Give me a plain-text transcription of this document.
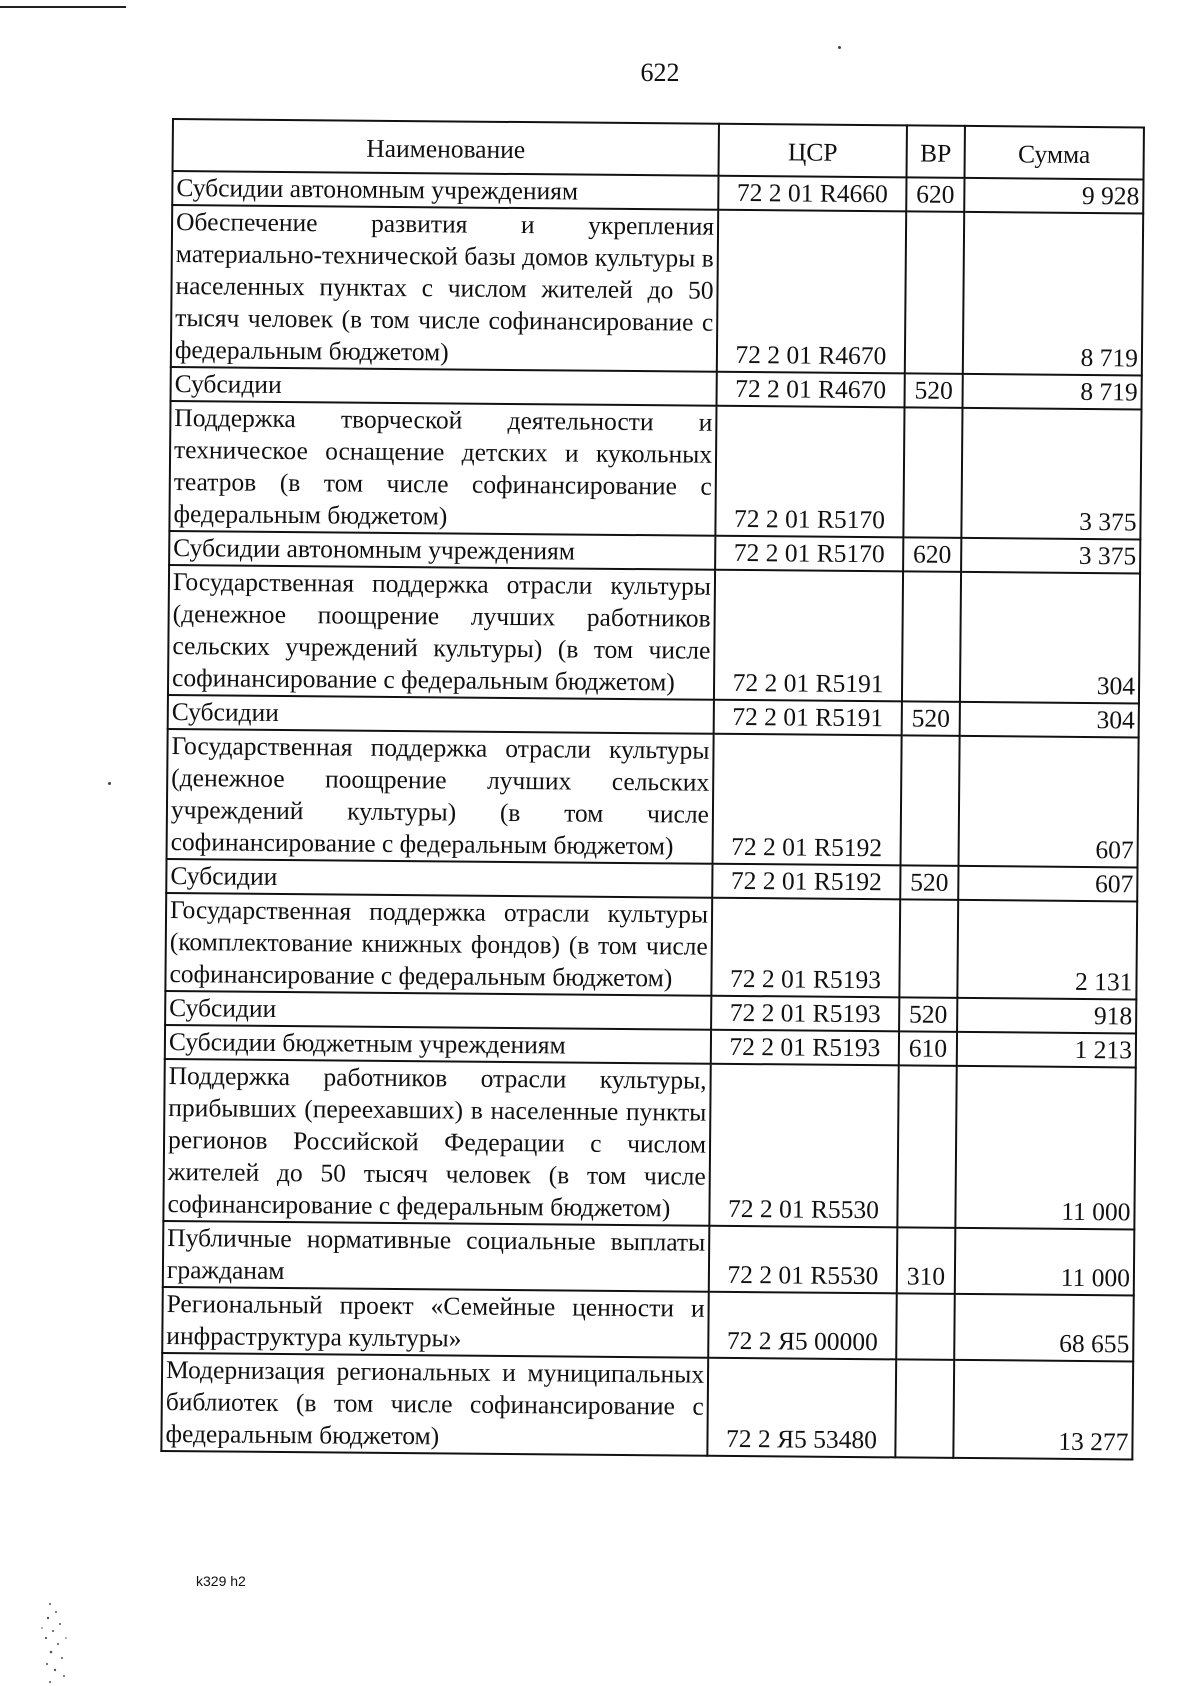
622
Наименование	ЦСР	ВР	Сумма
Субсидии автономным учреждениям	72 2 01 R4660	620	9 928
Обеспечение развития и укрепления материально-технической базы домов культуры в населенных пунктах с числом жителей до 50 тысяч человек (в том числе софинансирование с федеральным бюджетом)	72 2 01 R4670		8 719
Субсидии	72 2 01 R4670	520	8 719
Поддержка творческой деятельности и техническое оснащение детских и кукольных театров (в том числе софинансирование с федеральным бюджетом)	72 2 01 R5170		3 375
Субсидии автономным учреждениям	72 2 01 R5170	620	3 375
Государственная поддержка отрасли культуры (денежное поощрение лучших работников сельских учреждений культуры) (в том числе софинансирование с федеральным бюджетом)	72 2 01 R5191		304
Субсидии	72 2 01 R5191	520	304
Государственная поддержка отрасли культуры (денежное поощрение лучших сельских учреждений культуры) (в том числе софинансирование с федеральным бюджетом)	72 2 01 R5192		607
Субсидии	72 2 01 R5192	520	607
Государственная поддержка отрасли культуры (комплектование книжных фондов) (в том числе софинансирование с федеральным бюджетом)	72 2 01 R5193		2 131
Субсидии	72 2 01 R5193	520	918
Субсидии бюджетным учреждениям	72 2 01 R5193	610	1 213
Поддержка работников отрасли культуры, прибывших (переехавших) в населенные пункты регионов Российской Федерации с числом жителей до 50 тысяч человек (в том числе софинансирование с федеральным бюджетом)	72 2 01 R5530		11 000
Публичные нормативные социальные выплаты гражданам	72 2 01 R5530	310	11 000
Региональный проект «Семейные ценности и инфраструктура культуры»	72 2 Я5 00000		68 655
Модернизация региональных и муниципальных библиотек (в том числе софинансирование с федеральным бюджетом)	72 2 Я5 53480		13 277
k329 h2
